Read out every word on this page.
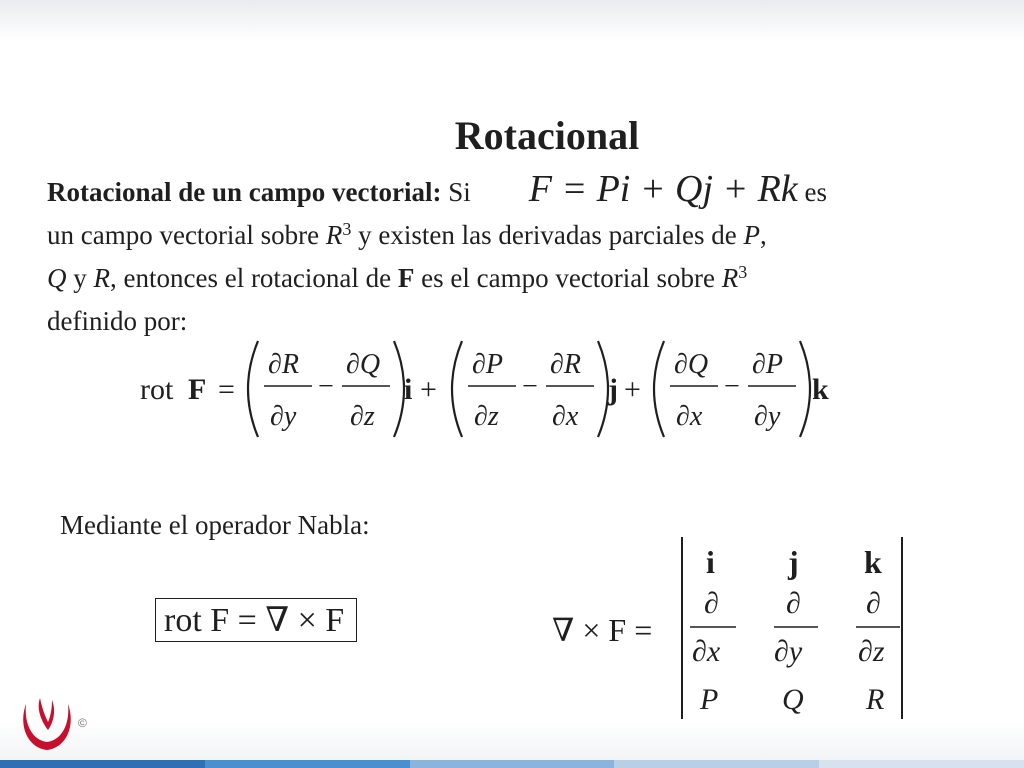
Rotacional
Rotacional de un campo vectorial: Si F = Pi + Qj + Rk es
un campo vectorial sobre $R^3$ y existen las derivadas parciales de P,
Q y R, entonces el rotacional de F es el campo vectorial sobre $R^3$
definido por:
rot F =
∂R
∂y
−
∂Q
∂z
i +
∂P
∂z
−
∂R
∂x
j +
∂Q
∂x
−
∂P
∂y
k
Mediante el operador Nabla:
rot F = ∇ × F	∇ × F =
i j k
∂ ∂ ∂
∂x ∂y ∂z
P Q R
©
